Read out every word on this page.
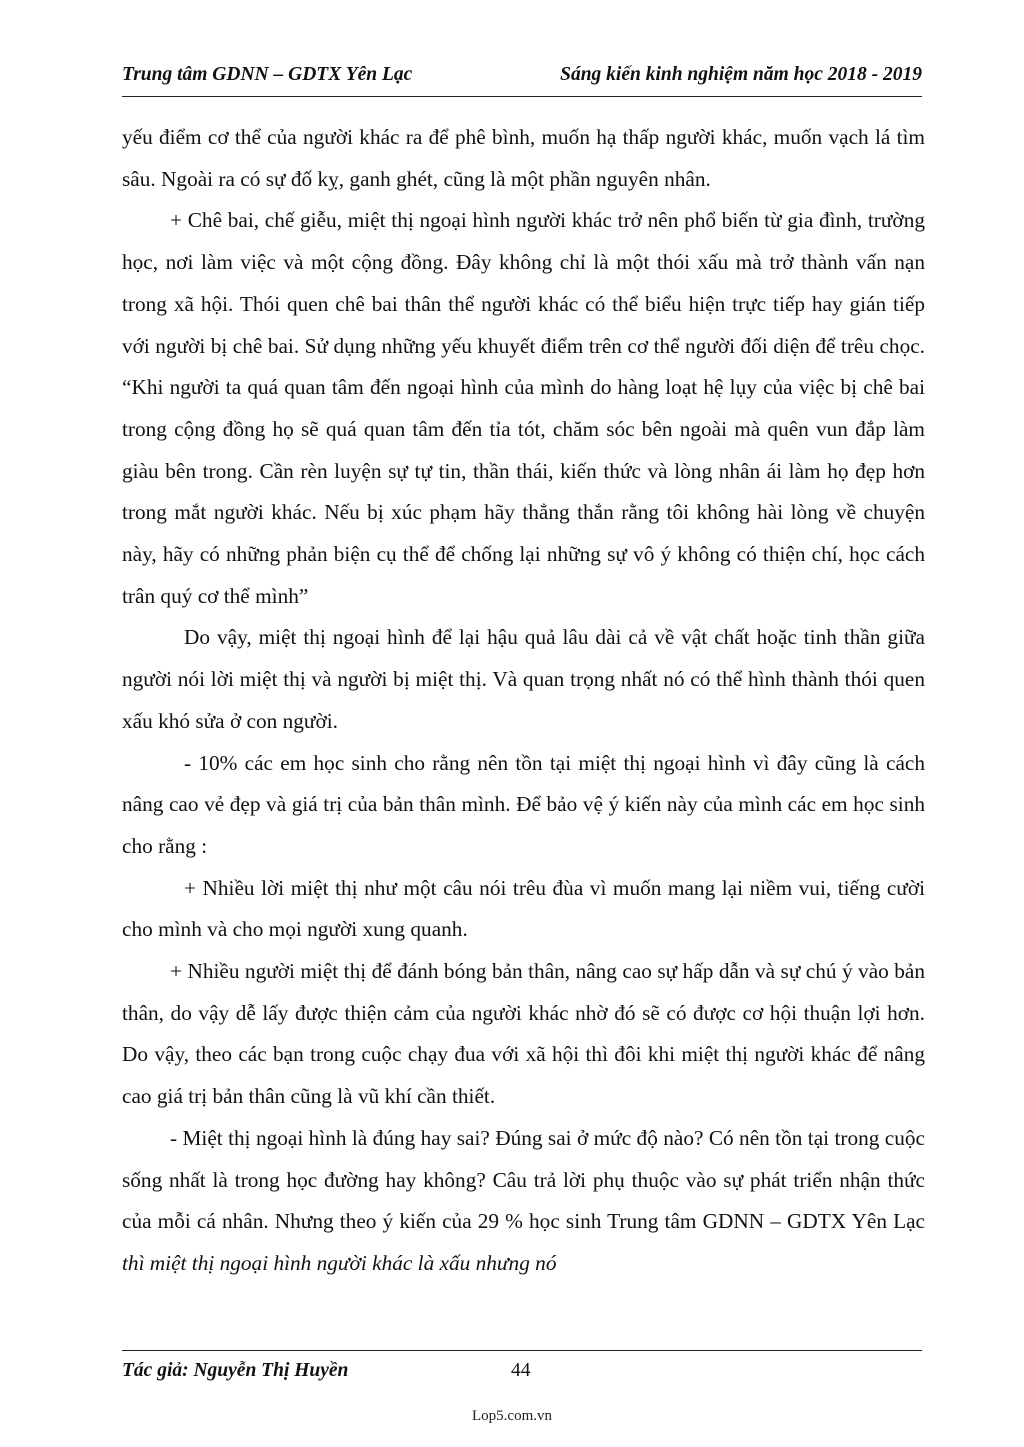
Trung tâm GDNN – GDTX Yên Lạc	Sáng kiến kinh nghiệm năm học 2018 - 2019

yếu điểm cơ thể của người khác ra để phê bình, muốn hạ thấp người khác, muốn vạch lá tìm sâu. Ngoài ra có sự đố kỵ, ganh ghét, cũng là một phần nguyên nhân.

+ Chê bai, chế giễu, miệt thị ngoại hình người khác trở nên phổ biến từ gia đình, trường học, nơi làm việc và một cộng đồng. Đây không chỉ là một thói xấu mà trở thành vấn nạn trong xã hội. Thói quen chê bai thân thể người khác có thể biểu hiện trực tiếp hay gián tiếp với người bị chê bai. Sử dụng những yếu khuyết điểm trên cơ thể người đối diện để trêu chọc. “Khi người ta quá quan tâm đến ngoại hình của mình do hàng loạt hệ lụy của việc bị chê bai trong cộng đồng họ sẽ quá quan tâm đến tỉa tót, chăm sóc bên ngoài mà quên vun đắp làm giàu bên trong. Cần rèn luyện sự tự tin, thần thái, kiến thức và lòng nhân ái làm họ đẹp hơn trong mắt người khác. Nếu bị xúc phạm hãy thẳng thắn rằng tôi không hài lòng về chuyện này, hãy có những phản biện cụ thể để chống lại những sự vô ý không có thiện chí, học cách trân quý cơ thể mình”

Do vậy, miệt thị ngoại hình để lại hậu quả lâu dài cả về vật chất hoặc tinh thần giữa người nói lời miệt thị và người bị miệt thị. Và quan trọng nhất nó có thể hình thành thói quen xấu khó sửa ở con người.

- 10% các em học sinh cho rằng nên tồn tại miệt thị ngoại hình vì đây cũng là cách nâng cao vẻ đẹp và giá trị của bản thân mình. Để bảo vệ ý kiến này của mình các em học sinh cho rằng :

+ Nhiều lời miệt thị như một câu nói trêu đùa vì muốn mang lại niềm vui, tiếng cười cho mình và cho mọi người xung quanh.

+ Nhiều người miệt thị để đánh bóng bản thân, nâng cao sự hấp dẫn và sự chú ý vào bản thân, do vậy dễ lấy được thiện cảm của người khác nhờ đó sẽ có được cơ hội thuận lợi hơn. Do vậy, theo các bạn trong cuộc chạy đua với xã hội thì đôi khi miệt thị người khác để nâng cao giá trị bản thân cũng là vũ khí cần thiết.

- Miệt thị ngoại hình là đúng hay sai? Đúng sai ở mức độ nào? Có nên tồn tại trong cuộc sống nhất là trong học đường hay không? Câu trả lời phụ thuộc vào sự phát triển nhận thức của mỗi cá nhân. Nhưng theo ý kiến của 29 % học sinh Trung tâm GDNN – GDTX Yên Lạc thì miệt thị ngoại hình người khác là xấu nhưng nó

Tác giả: Nguyễn Thị Huyền	44
Lop5.com.vn
